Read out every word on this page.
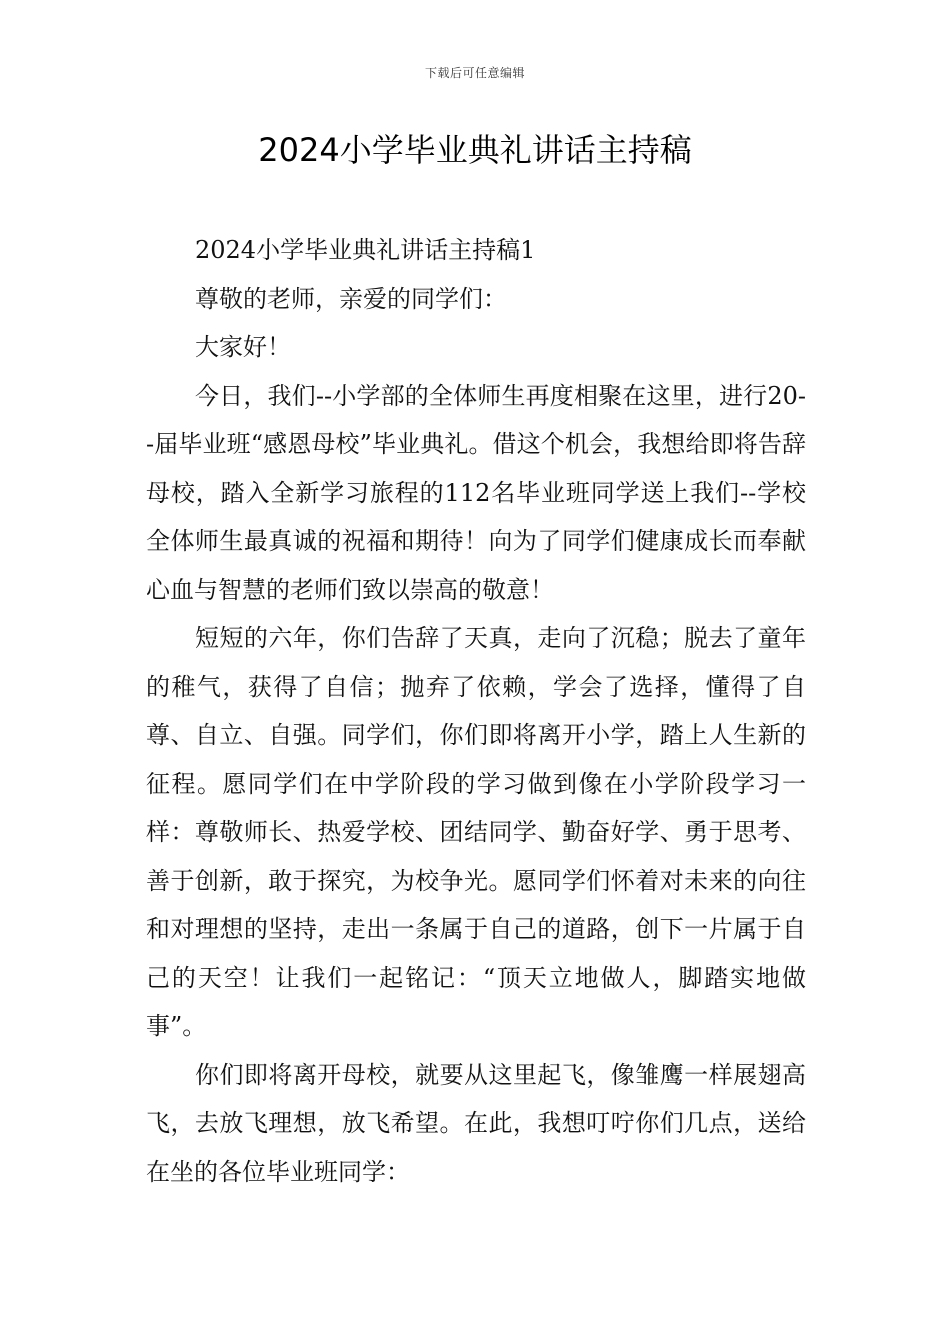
下载后可任意编辑
2024小学毕业典礼讲话主持稿

2024小学毕业典礼讲话主持稿1

尊敬的老师，亲爱的同学们：

大家好！

今日，我们--小学部的全体师生再度相聚在这里，进行20--届毕业班“感恩母校”毕业典礼。借这个机会，我想给即将告辞母校，踏入全新学习旅程的112名毕业班同学送上我们--学校全体师生最真诚的祝福和期待！向为了同学们健康成长而奉献心血与智慧的老师们致以崇高的敬意！

短短的六年，你们告辞了天真，走向了沉稳；脱去了童年的稚气，获得了自信；抛弃了依赖，学会了选择，懂得了自尊、自立、自强。同学们，你们即将离开小学，踏上人生新的征程。愿同学们在中学阶段的学习做到像在小学阶段学习一样：尊敬师长、热爱学校、团结同学、勤奋好学、勇于思考、善于创新，敢于探究，为校争光。愿同学们怀着对未来的向往和对理想的坚持，走出一条属于自己的道路，创下一片属于自己的天空！让我们一起铭记：“顶天立地做人，脚踏实地做事”。

你们即将离开母校，就要从这里起飞，像雏鹰一样展翅高飞，去放飞理想，放飞希望。在此，我想叮咛你们几点，送给在坐的各位毕业班同学：
